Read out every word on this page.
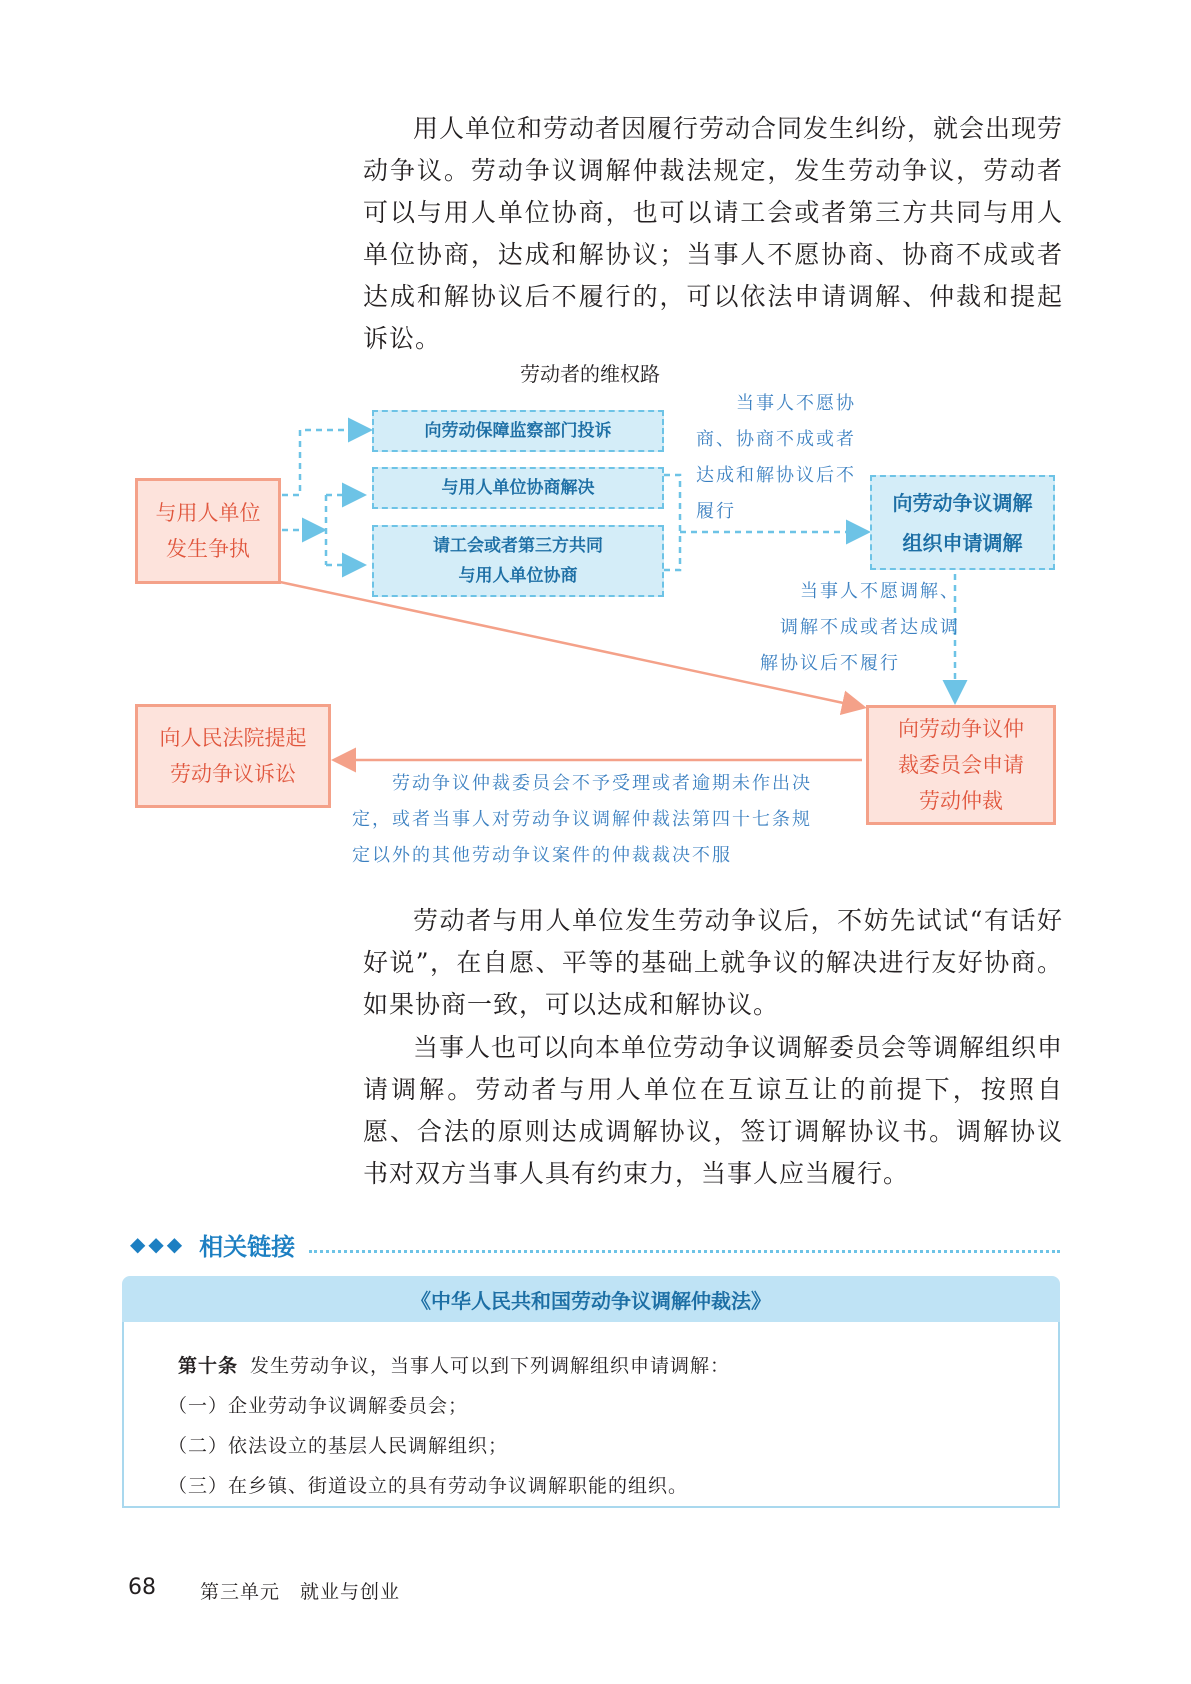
用人单位和劳动者因履行劳动合同发生纠纷，就会出现劳动争议。劳动争议调解仲裁法规定，发生劳动争议，劳动者可以与用人单位协商，也可以请工会或者第三方共同与用人单位协商，达成和解协议；当事人不愿协商、协商不成或者达成和解协议后不履行的，可以依法申请调解、仲裁和提起诉讼。

劳动者的维权路
与用人单位
发生争执
向劳动保障监察部门投诉
与用人单位协商解决
请工会或者第三方共同
与用人单位协商
向劳动争议调解
组织申请调解
向劳动争议仲
裁委员会申请
劳动仲裁
向人民法院提起
劳动争议诉讼
当事人不愿协
商、协商不成或者
达成和解协议后不
履行
当事人不愿调解、
调解不成或者达成调
解协议后不履行
劳动争议仲裁委员会不予受理或者逾期未作出决
定，或者当事人对劳动争议调解仲裁法第四十七条规
定以外的其他劳动争议案件的仲裁裁决不服

劳动者与用人单位发生劳动争议后，不妨先试试“有话好好说”，在自愿、平等的基础上就争议的解决进行友好协商。如果协商一致，可以达成和解协议。

当事人也可以向本单位劳动争议调解委员会等调解组织申请调解。劳动者与用人单位在互谅互让的前提下，按照自愿、合法的原则达成调解协议，签订调解协议书。调解协议书对双方当事人具有约束力，当事人应当履行。

◆◆◆ 相关链接
《中华人民共和国劳动争议调解仲裁法》

第十条 发生劳动争议，当事人可以到下列调解组织申请调解：

（一）企业劳动争议调解委员会；

（二）依法设立的基层人民调解组织；

（三）在乡镇、街道设立的具有劳动争议调解职能的组织。

68 第三单元　就业与创业
